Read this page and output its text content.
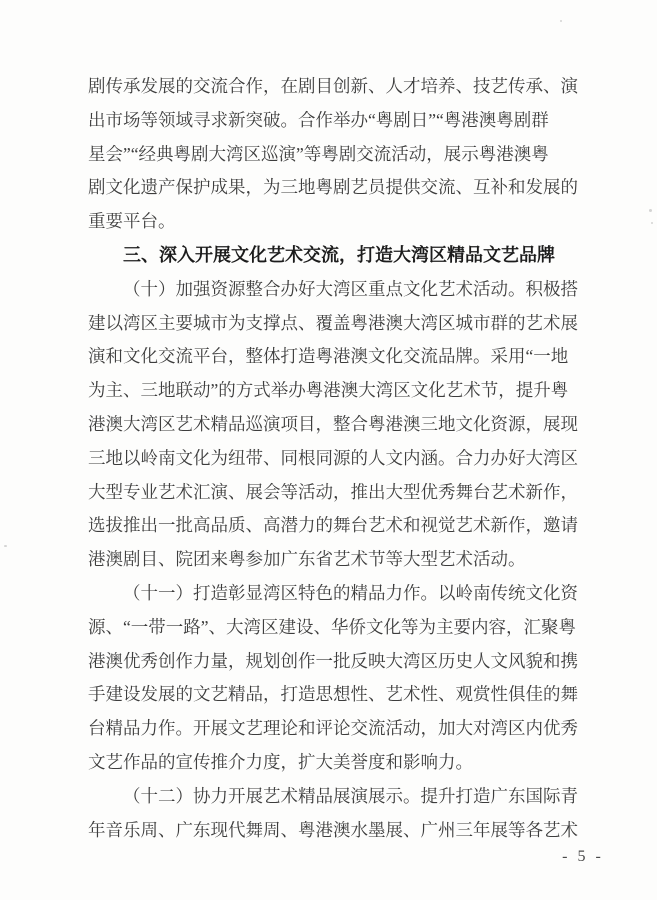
剧传承发展的交流合作，在剧目创新、人才培养、技艺传承、演
出市场等领域寻求新突破。合作举办“粤剧日”“粤港澳粤剧群
星会”“经典粤剧大湾区巡演”等粤剧交流活动，展示粤港澳粤
剧文化遗产保护成果，为三地粤剧艺员提供交流、互补和发展的
重要平台。
三、深入开展文化艺术交流，打造大湾区精品文艺品牌
（十）加强资源整合办好大湾区重点文化艺术活动。积极搭
建以湾区主要城市为支撑点、覆盖粤港澳大湾区城市群的艺术展
演和文化交流平台，整体打造粤港澳文化交流品牌。采用“一地
为主、三地联动”的方式举办粤港澳大湾区文化艺术节，提升粤
港澳大湾区艺术精品巡演项目，整合粤港澳三地文化资源，展现
三地以岭南文化为纽带、同根同源的人文内涵。合力办好大湾区
大型专业艺术汇演、展会等活动，推出大型优秀舞台艺术新作，
选拔推出一批高品质、高潜力的舞台艺术和视觉艺术新作，邀请
港澳剧目、院团来粤参加广东省艺术节等大型艺术活动。
（十一）打造彰显湾区特色的精品力作。以岭南传统文化资
源、“一带一路”、大湾区建设、华侨文化等为主要内容，汇聚粤
港澳优秀创作力量，规划创作一批反映大湾区历史人文风貌和携
手建设发展的文艺精品，打造思想性、艺术性、观赏性俱佳的舞
台精品力作。开展文艺理论和评论交流活动，加大对湾区内优秀
文艺作品的宣传推介力度，扩大美誉度和影响力。
（十二）协力开展艺术精品展演展示。提升打造广东国际青
年音乐周、广东现代舞周、粤港澳水墨展、广州三年展等各艺术
- 5 -
